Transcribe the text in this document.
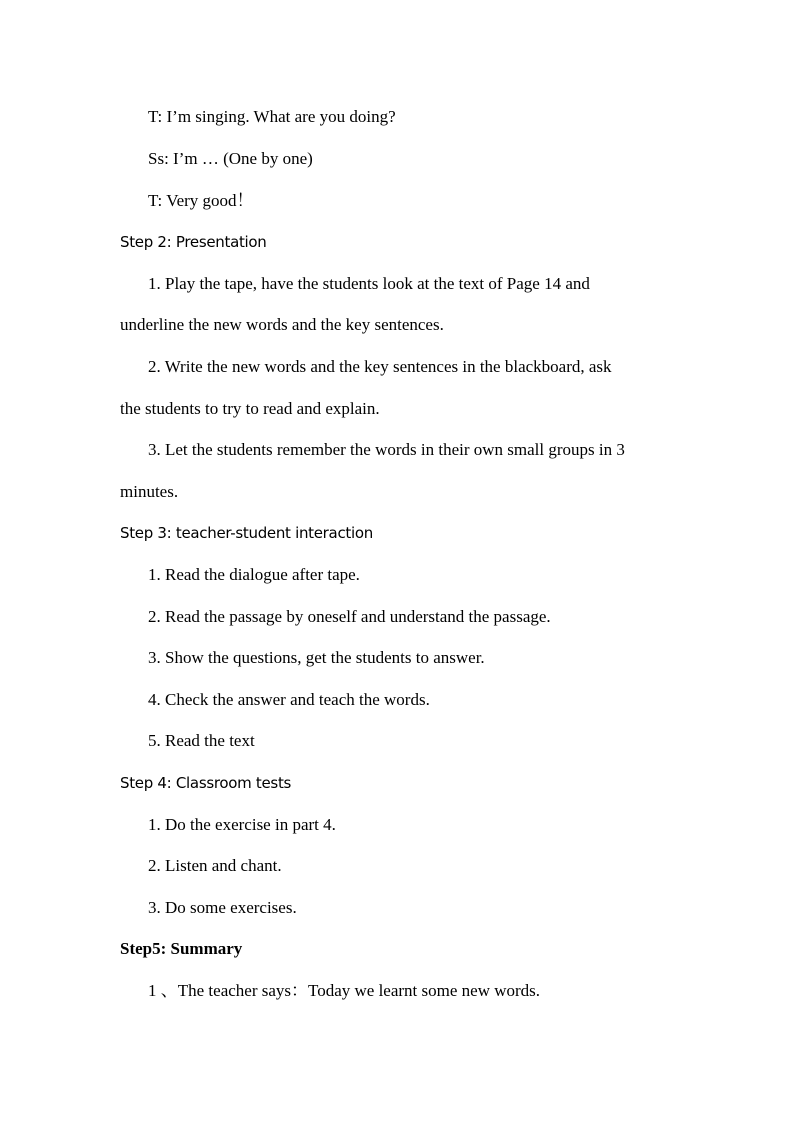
T: I’m singing. What are you doing?
Ss: I’m … (One by one)
T: Very good！
Step 2: Presentation
1. Play the tape, have the students look at the text of Page 14 and
underline the new words and the key sentences.
2. Write the new words and the key sentences in the blackboard, ask
the students to try to read and explain.
3. Let the students remember the words in their own small groups in 3
minutes.
Step 3: teacher-student interaction
1. Read the dialogue after tape.
2. Read the passage by oneself and understand the passage.
3. Show the questions, get the students to answer.
4. Check the answer and teach the words.
5. Read the text
Step 4: Classroom tests
1. Do the exercise in part 4.
2. Listen and chant.
3. Do some exercises.
Step5: Summary
1 、The teacher says：Today we learnt some new words.
